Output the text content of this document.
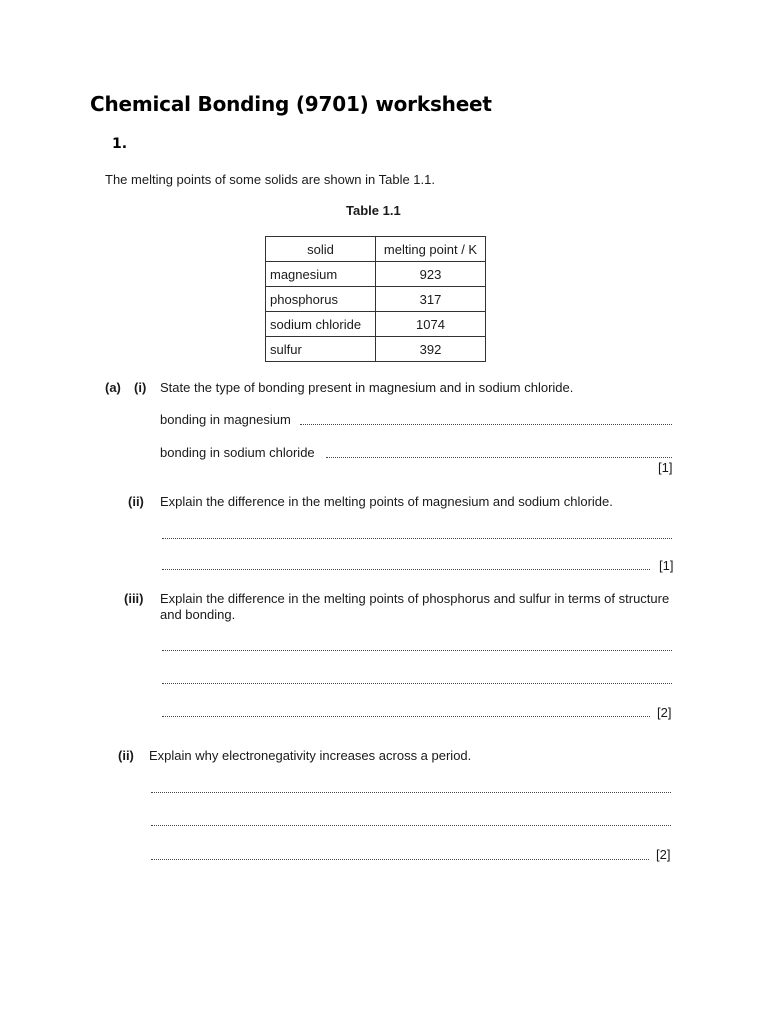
Chemical Bonding (9701) worksheet
1.
The melting points of some solids are shown in Table 1.1.
Table 1.1
solid	melting point / K
magnesium	923
phosphorus	317
sodium chloride	1074
sulfur	392
(a) (i) State the type of bonding present in magnesium and in sodium chloride.
bonding in magnesium
bonding in sodium chloride
[1]
(ii) Explain the difference in the melting points of magnesium and sodium chloride.
[1]
(iii) Explain the difference in the melting points of phosphorus and sulfur in terms of structure
and bonding.
[2]
(ii) Explain why electronegativity increases across a period.
[2]
